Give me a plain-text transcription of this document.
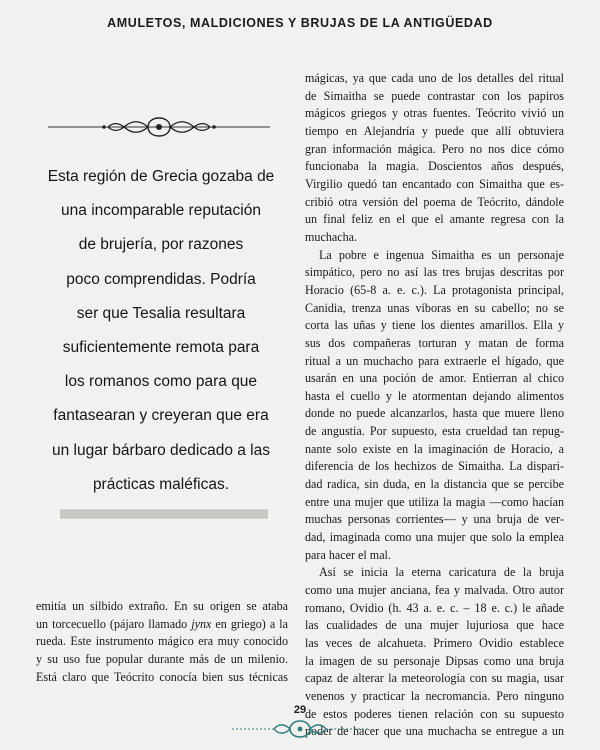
AMULETOS, MALDICIONES Y BRUJAS DE LA ANTIGÜEDAD
Esta región de Grecia gozaba de
una incomparable reputación
de brujería, por razones
poco comprendidas. Podría
ser que Tesalia resultara
suficientemente remota para
los romanos como para que
fantasearan y creyeran que era
un lugar bárbaro dedicado a las
prácticas maléficas.
emitía un silbido extraño. En su origen se ataba
un torcecuello (pájaro llamado jynx en griego) a la
rueda. Este instrumento mágico era muy conocido
y su uso fue popular durante más de un milenio.
Está claro que Teócrito conocía bien sus técnicas
mágicas, ya que cada uno de los detalles del ritual
de Simaitha se puede contrastar con los papiros
mágicos griegos y otras fuentes. Teócrito vivió un
tiempo en Alejandría y puede que allí obtuviera
gran información mágica. Pero no nos dice cómo
funcionaba la magia. Doscientos años después,
Virgilio quedó tan encantado con Simaitha que es-
cribió otra versión del poema de Teócrito, dándole
un final feliz en el que el amante regresa con la
muchacha.
La pobre e ingenua Simaitha es un personaje
simpático, pero no así las tres brujas descritas por
Horacio (65-8 a. e. c.). La protagonista principal,
Canidia, trenza unas víboras en su cabello; no se
corta las uñas y tiene los dientes amarillos. Ella y
sus dos compañeras torturan y matan de forma
ritual a un muchacho para extraerle el hígado, que
usarán en una poción de amor. Entierran al chico
hasta el cuello y le atormentan dejando alimentos
donde no puede alcanzarlos, hasta que muere lleno
de angustia. Por supuesto, esta crueldad tan repug-
nante solo existe en la imaginación de Horacio, a
diferencia de los hechizos de Simaitha. La dispari-
dad radica, sin duda, en la distancia que se percibe
entre una mujer que utiliza la magia —como hacían
muchas personas corrientes— y una bruja de ver-
dad, imaginada como una mujer que solo la emplea
para hacer el mal.
Así se inicia la eterna caricatura de la bruja
como una mujer anciana, fea y malvada. Otro autor
romano, Ovidio (h. 43 a. e. c. – 18 e. c.) le añade
las cualidades de una mujer lujuriosa que hace
las veces de alcahueta. Primero Ovidio establece
la imagen de su personaje Dipsas como una bruja
capaz de alterar la meteorología con su magia, usar
venenos y practicar la necromancia. Pero ninguno
de estos poderes tienen relación con su supuesto
poder de hacer que una muchacha se entregue a un
29
